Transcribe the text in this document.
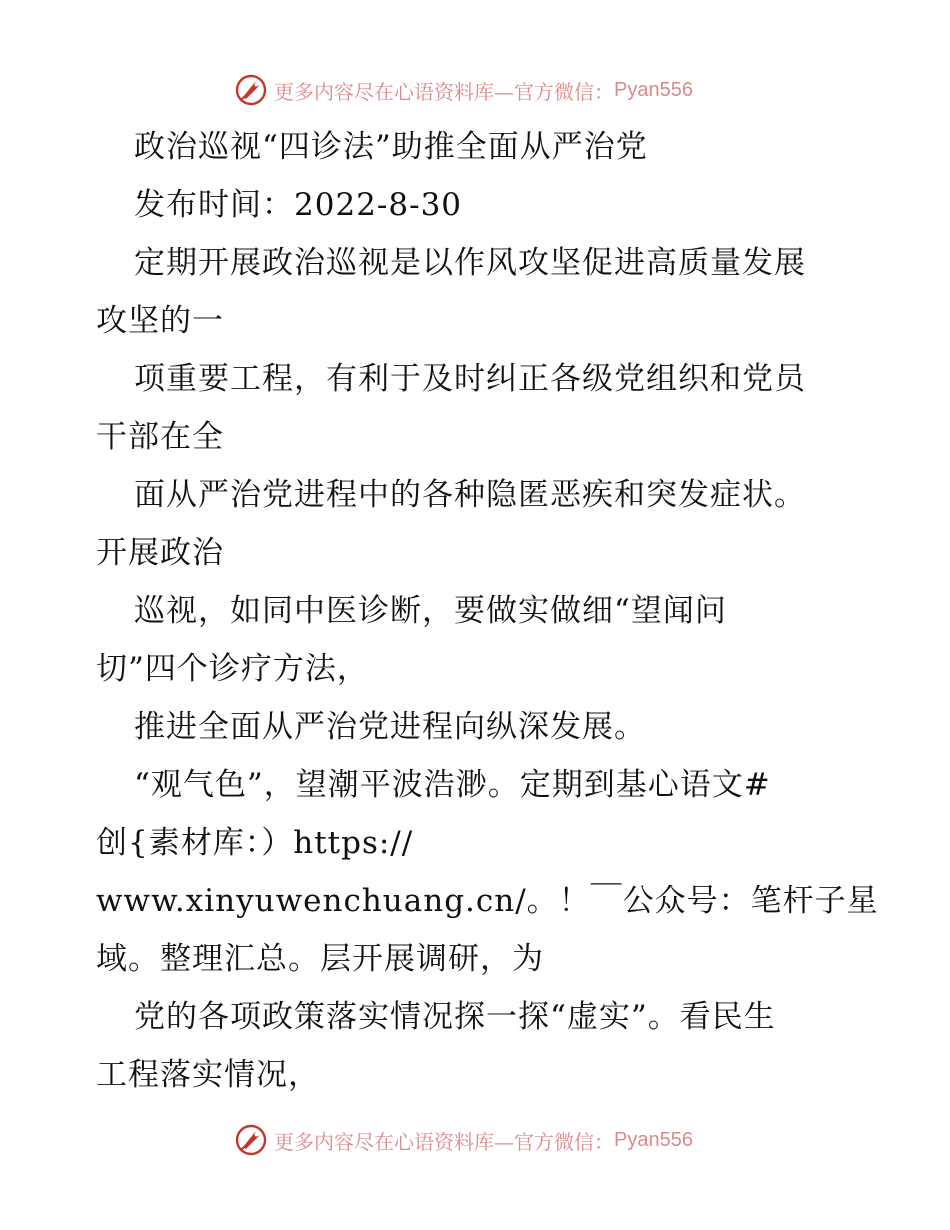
更多内容尽在心语资料库—官方微信： Pyan556
政治巡视“四诊法”助推全面从严治党
发布时间：2022-8-30
定期开展政治巡视是以作风攻坚促进高质量发展
攻坚的一
项重要工程，有利于及时纠正各级党组织和党员
干部在全
面从严治党进程中的各种隐匿恶疾和突发症状。
开展政治
巡视，如同中医诊断，要做实做细“望闻问
切”四个诊疗方法，
推进全面从严治党进程向纵深发展。
“观气色”，望潮平波浩渺。定期到基心语文#
创{素材库：）https://
www.xinyuwenchuang.cn/。！￣公众号：笔杆子星
域。整理汇总。层开展调研，为
党的各项政策落实情况探一探“虚实”。看民生
工程落实情况，
更多内容尽在心语资料库—官方微信： Pyan556
